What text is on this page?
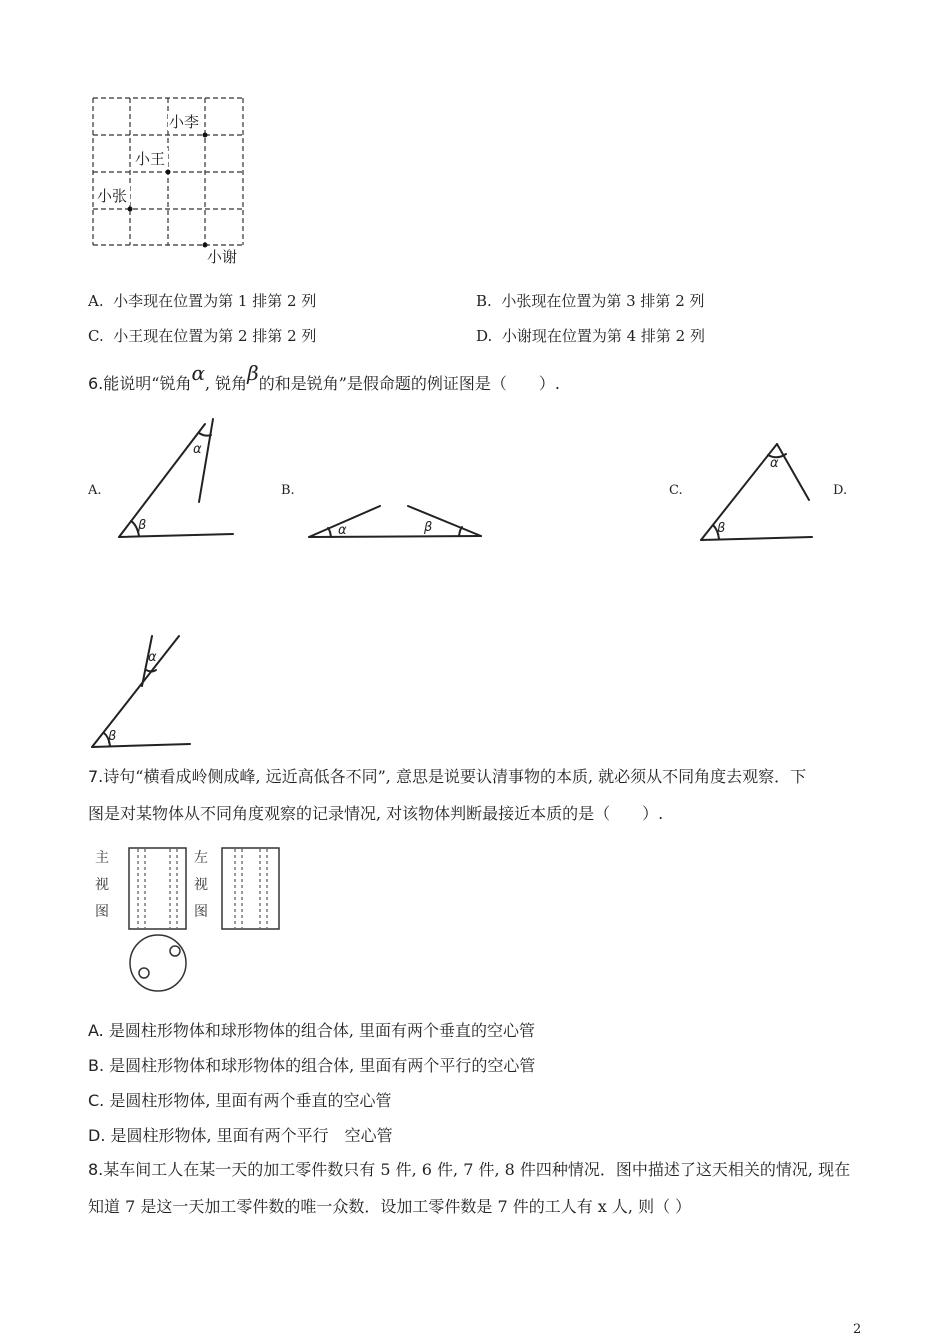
小李
小王
小张
小谢
A. 小李现在位置为第 1 排第 2 列	B. 小张现在位置为第 3 排第 2 列
C. 小王现在位置为第 2 排第 2 列	D. 小谢现在位置为第 4 排第 2 列
6.能说明“锐角α, 锐角β的和是锐角”是假命题的例证图是（　　）.
A.	B.	C.	D.
α
β	α	β
α
β
α
β
7.诗句“横看成岭侧成峰, 远近高低各不同”, 意思是说要认清事物的本质, 就必须从不同角度去观察．下
图是对某物体从不同角度观察的记录情况, 对该物体判断最接近本质的是（　　）.
主
视
图
左
视
图
A. 是圆柱形物体和球形物体的组合体, 里面有两个垂直的空心管
B. 是圆柱形物体和球形物体的组合体, 里面有两个平行的空心管
C. 是圆柱形物体, 里面有两个垂直的空心管
D. 是圆柱形物体, 里面有两个平行　空心管
8.某车间工人在某一天的加工零件数只有 5 件, 6 件, 7 件, 8 件四种情况．图中描述了这天相关的情况, 现在
知道 7 是这一天加工零件数的唯一众数．设加工零件数是 7 件的工人有 x 人, 则（ ）
2
